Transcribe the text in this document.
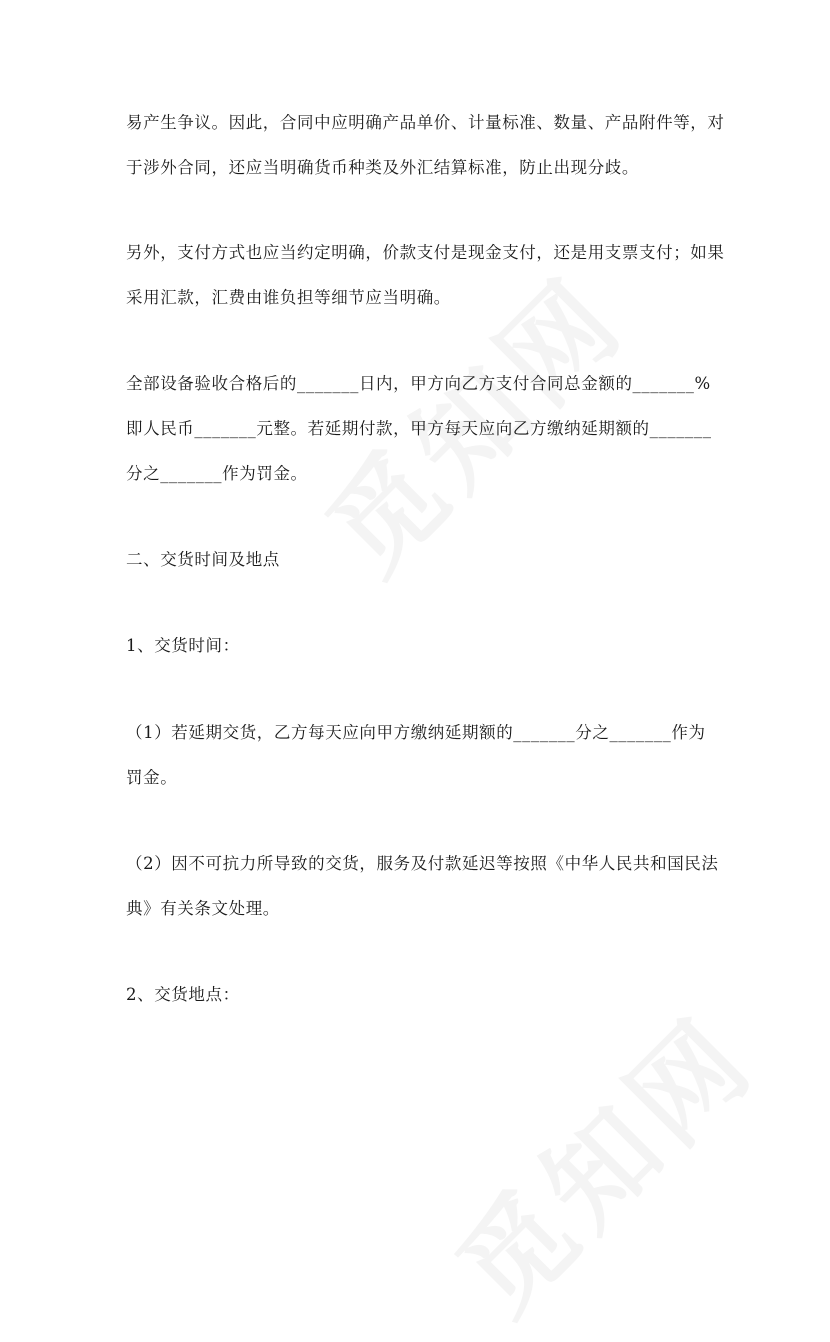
易产生争议。因此，合同中应明确产品单价、计量标准、数量、产品附件等，对
于涉外合同，还应当明确货币种类及外汇结算标准，防止出现分歧。
另外，支付方式也应当约定明确，价款支付是现金支付，还是用支票支付；如果
采用汇款，汇费由谁负担等细节应当明确。
全部设备验收合格后的_______日内，甲方向乙方支付合同总金额的_______%
即人民币_______元整。若延期付款，甲方每天应向乙方缴纳延期额的_______
分之_______作为罚金。
二、交货时间及地点
1、交货时间：
（1）若延期交货，乙方每天应向甲方缴纳延期额的_______分之_______作为
罚金。
（2）因不可抗力所导致的交货，服务及付款延迟等按照《中华人民共和国民法
典》有关条文处理。
2、交货地点：
